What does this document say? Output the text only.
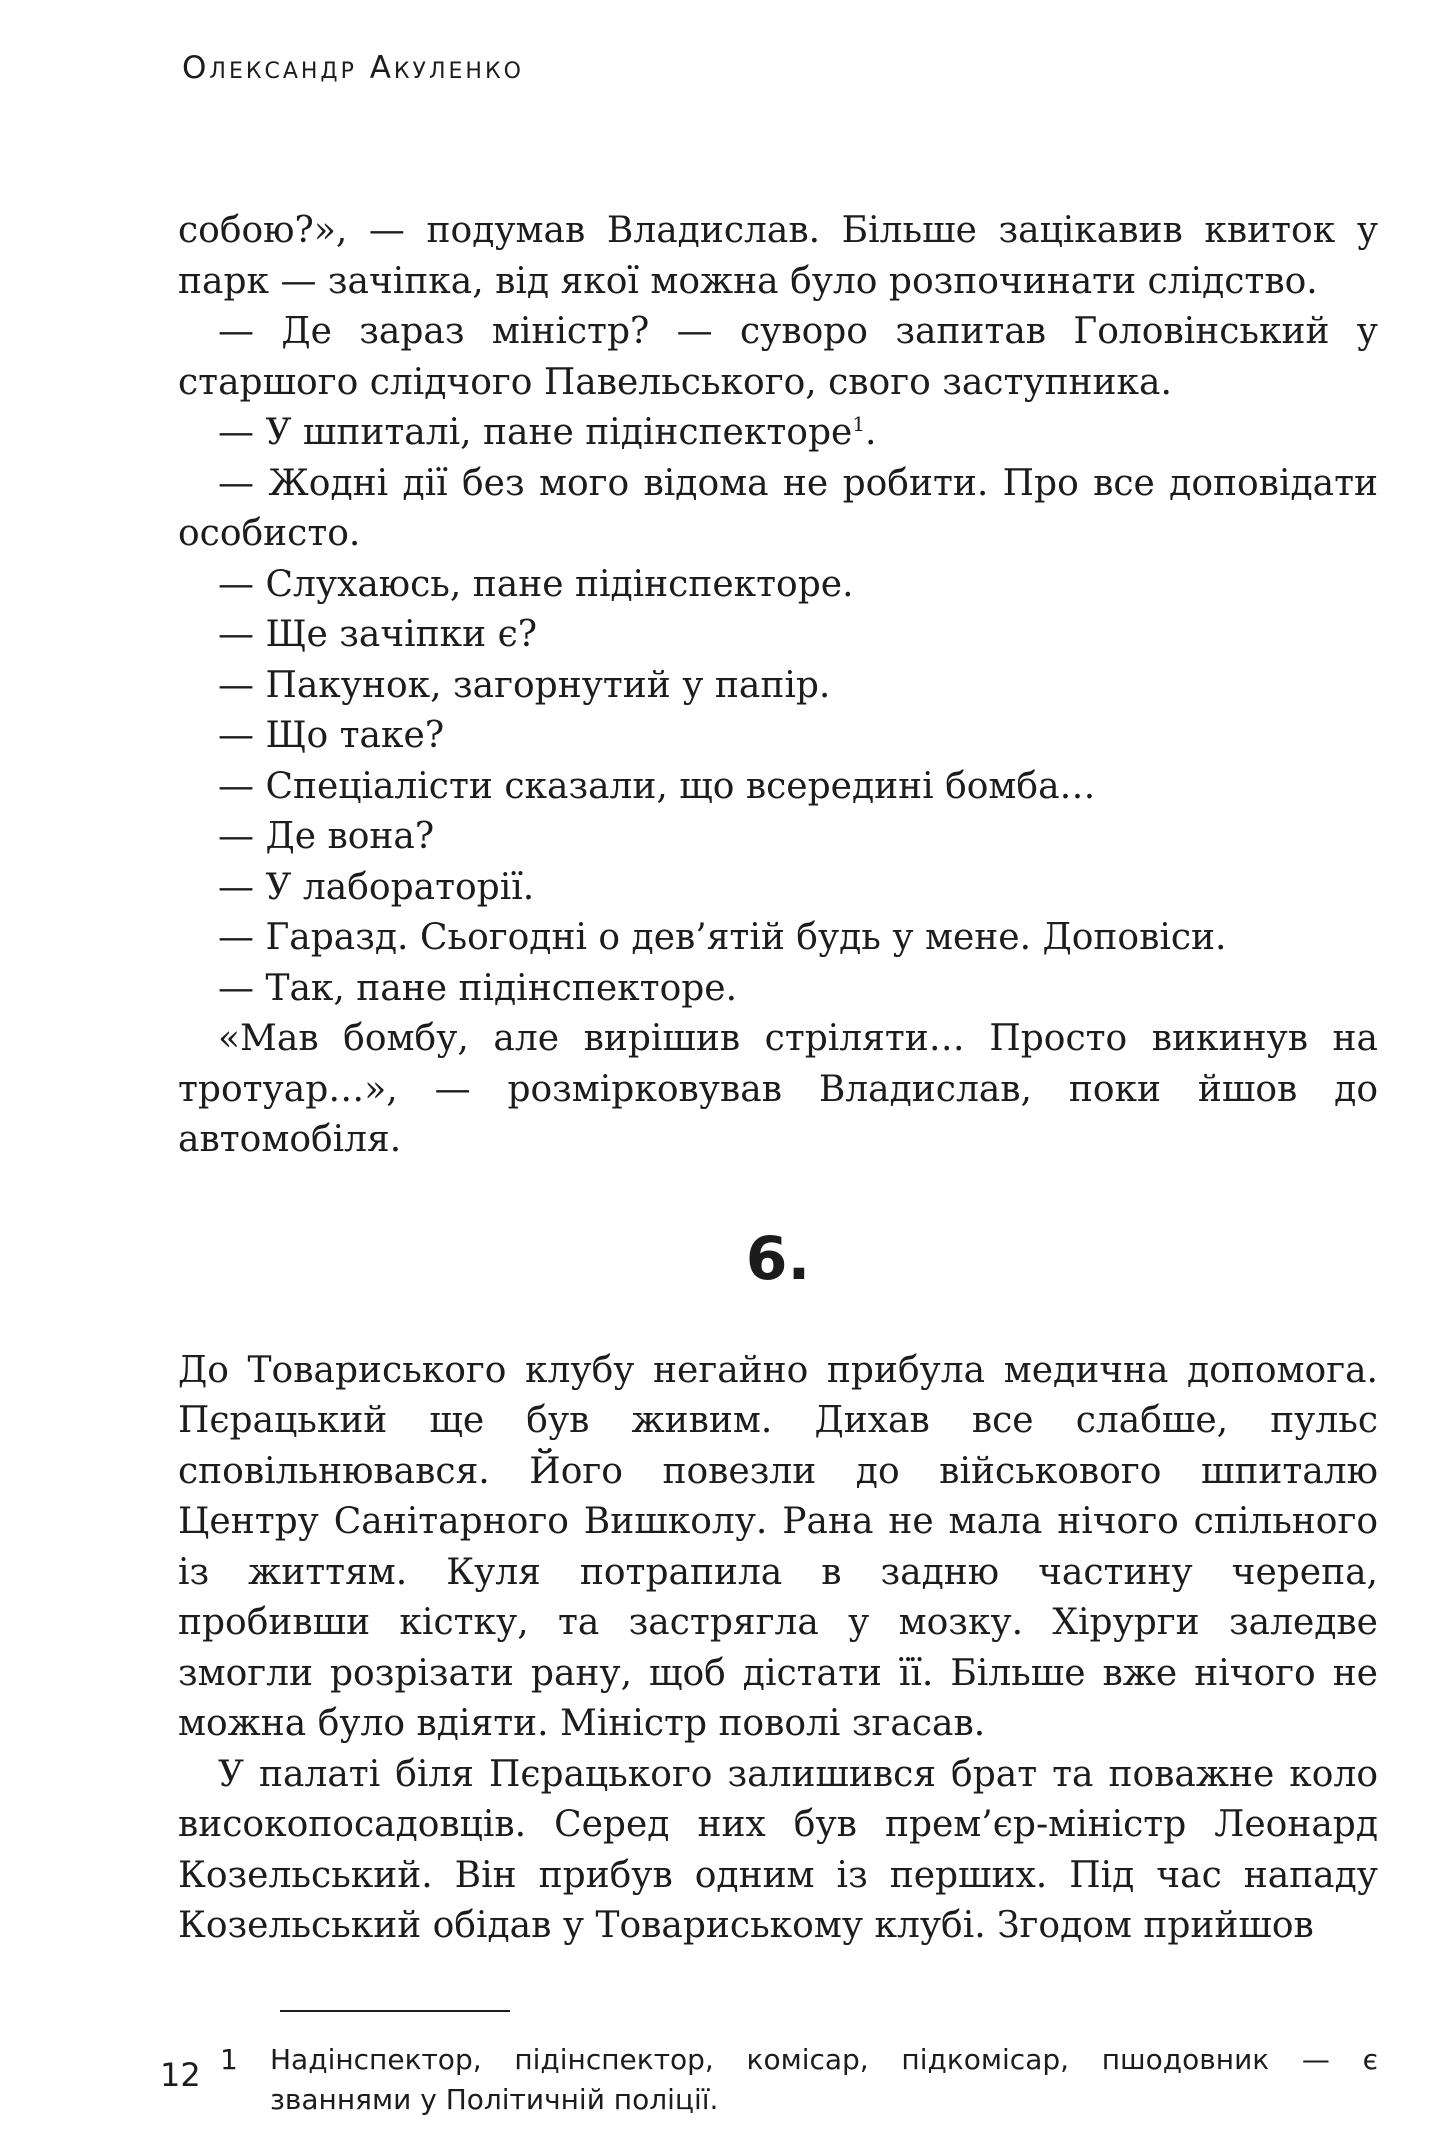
Олександр Акуленко

собою?», — подумав Владислав. Більше зацікавив квиток у парк — зачіпка, від якої можна було розпочинати слідство.

— Де зараз міністр? — суворо запитав Головінський у старшого слідчого Павельського, свого заступника.

— У шпиталі, пане підінспекторе$^1$.

— Жодні дії без мого відома не робити. Про все доповідати особисто.

— Слухаюсь, пане підінспекторе.

— Ще зачіпки є?

— Пакунок, загорнутий у папір.

— Що таке?

— Спеціалісти сказали, що всередині бомба…

— Де вона?

— У лабораторії.

— Гаразд. Сьогодні о дев’ятій будь у мене. Доповіси.

— Так, пане підінспекторе.

«Мав бомбу, але вирішив стріляти… Просто викинув на тротуар…», — розмірковував Владислав, поки йшов до автомобіля.

6.

До Товариського клубу негайно прибула медична допомога. Пєрацький ще був живим. Дихав все слабше, пульс сповільнювався. Його повезли до військового шпиталю Центру Санітарного Вишколу. Рана не мала нічого спільного із життям. Куля потрапила в задню частину черепа, пробивши кістку, та застрягла у мозку. Хірурги заледве змогли розрізати рану, щоб дістати її. Більше вже нічого не можна було вдіяти. Міністр поволі згасав.

У палаті біля Пєрацького залишився брат та поважне коло високопосадовців. Серед них був прем’єр-міністр Леонард Козельський. Він прибув одним із перших. Під час нападу Козельський обідав у Товариському клубі. Згодом прийшов

1 Надінспектор, підінспектор, комісар, підкомісар, пшодовник — є званнями у Політичній поліції.
12
